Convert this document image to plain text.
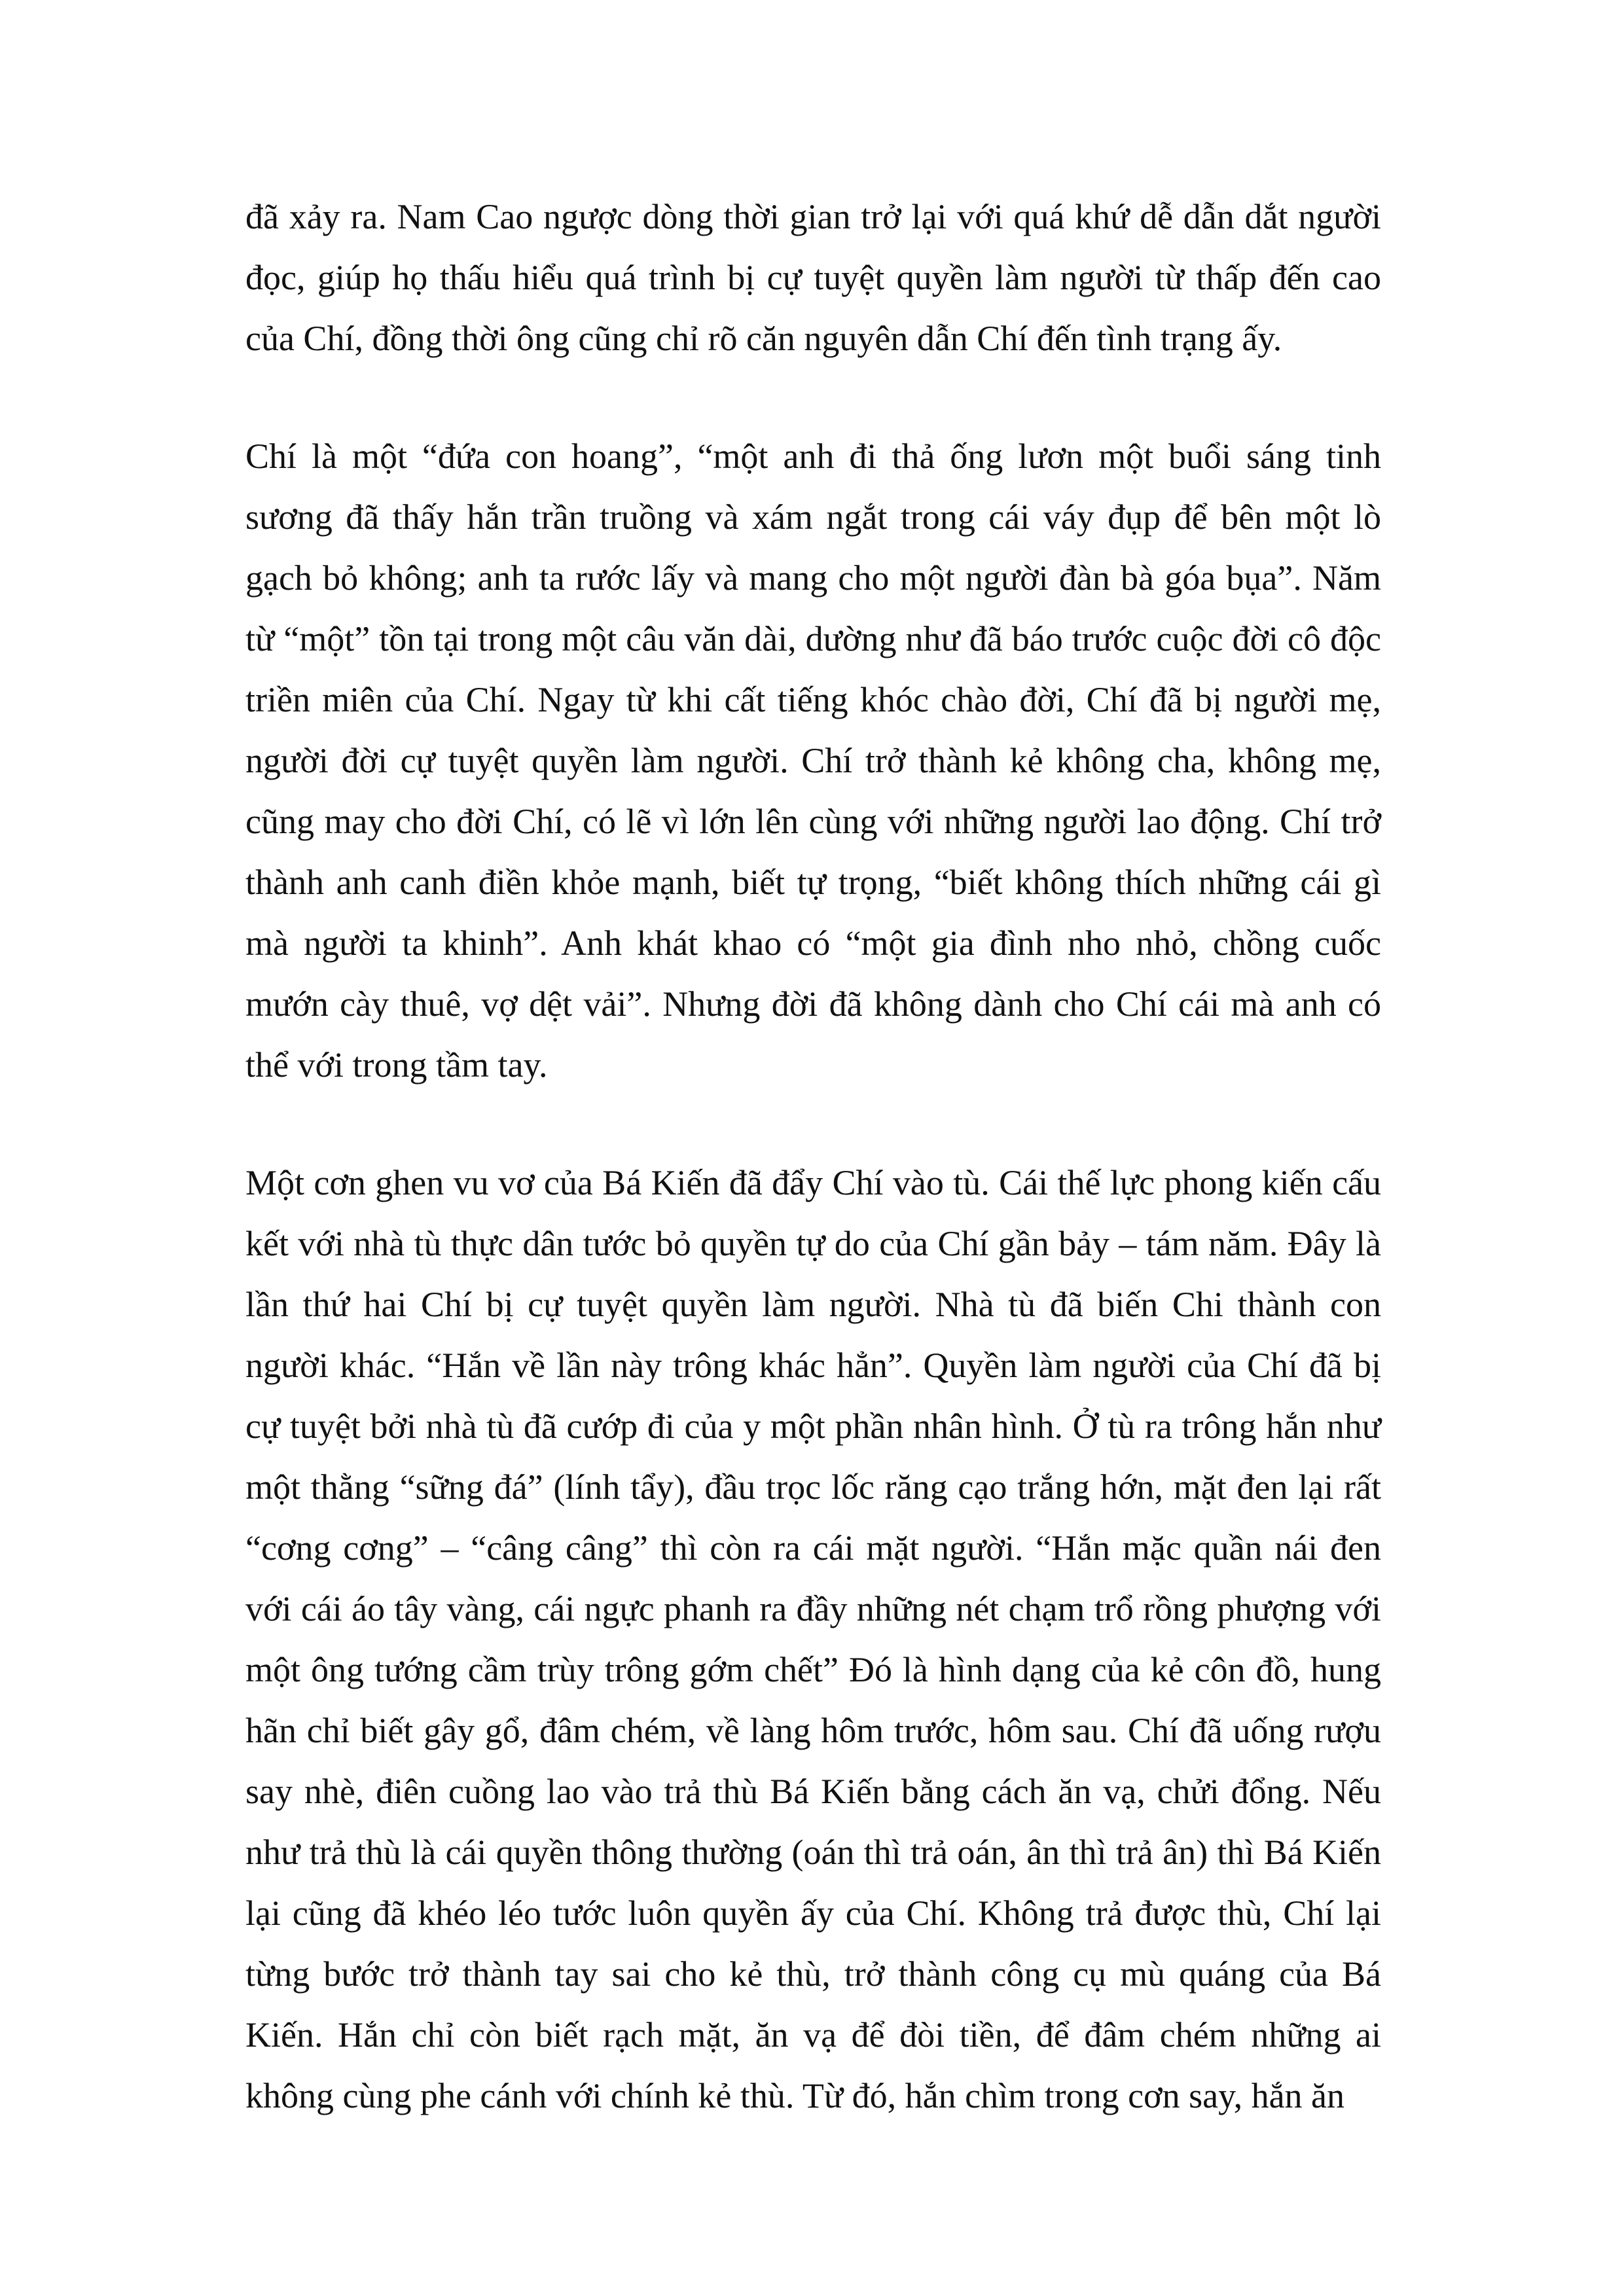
đã xảy ra. Nam Cao ngược dòng thời gian trở lại với quá khứ dễ dẫn dắt người đọc, giúp họ thấu hiểu quá trình bị cự tuyệt quyền làm người từ thấp đến cao của Chí, đồng thời ông cũng chỉ rõ căn nguyên dẫn Chí đến tình trạng ấy.

Chí là một “đứa con hoang”, “một anh đi thả ống lươn một buổi sáng tinh sương đã thấy hắn trần truồng và xám ngắt trong cái váy đụp để bên một lò gạch bỏ không; anh ta rước lấy và mang cho một người đàn bà góa bụa”. Năm từ “một” tồn tại trong một câu văn dài, dường như đã báo trước cuộc đời cô độc triền miên của Chí. Ngay từ khi cất tiếng khóc chào đời, Chí đã bị người mẹ, người đời cự tuyệt quyền làm người. Chí trở thành kẻ không cha, không mẹ, cũng may cho đời Chí, có lẽ vì lớn lên cùng với những người lao động. Chí trở thành anh canh điền khỏe mạnh, biết tự trọng, “biết không thích những cái gì mà người ta khinh”. Anh khát khao có “một gia đình nho nhỏ, chồng cuốc mướn cày thuê, vợ dệt vải”. Nhưng đời đã không dành cho Chí cái mà anh có thể với trong tầm tay.

Một cơn ghen vu vơ của Bá Kiến đã đẩy Chí vào tù. Cái thế lực phong kiến cấu kết với nhà tù thực dân tước bỏ quyền tự do của Chí gần bảy – tám năm. Đây là lần thứ hai Chí bị cự tuyệt quyền làm người. Nhà tù đã biến Chi thành con người khác. “Hắn về lần này trông khác hẳn”. Quyền làm người của Chí đã bị cự tuyệt bởi nhà tù đã cướp đi của y một phần nhân hình. Ở tù ra trông hắn như một thằng “sững đá” (lính tẩy), đầu trọc lốc răng cạo trắng hớn, mặt đen lại rất “cơng cơng” – “câng câng” thì còn ra cái mặt người. “Hắn mặc quần nái đen với cái áo tây vàng, cái ngực phanh ra đầy những nét chạm trổ rồng phượng với một ông tướng cầm trùy trông gớm chết” Đó là hình dạng của kẻ côn đồ, hung hãn chỉ biết gây gổ, đâm chém, về làng hôm trước, hôm sau. Chí đã uống rượu say nhè, điên cuồng lao vào trả thù Bá Kiến bằng cách ăn vạ, chửi đổng. Nếu như trả thù là cái quyền thông thường (oán thì trả oán, ân thì trả ân) thì Bá Kiến lại cũng đã khéo léo tước luôn quyền ấy của Chí. Không trả được thù, Chí lại từng bước trở thành tay sai cho kẻ thù, trở thành công cụ mù quáng của Bá Kiến. Hắn chỉ còn biết rạch mặt, ăn vạ để đòi tiền, để đâm chém những ai không cùng phe cánh với chính kẻ thù. Từ đó, hắn chìm trong cơn say, hắn ăn
